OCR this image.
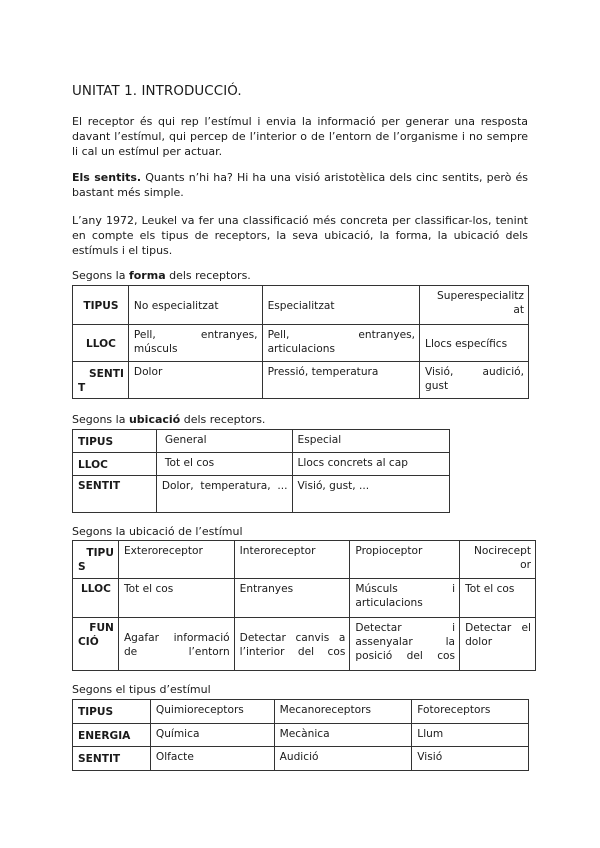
UNITAT 1. INTRODUCCIÓ.

El receptor és qui rep l’estímul i envia la informació per generar una resposta davant l’estímul, qui percep de l’interior o de l’entorn de l’organisme i no sempre li cal un estímul per actuar.

Els sentits. Quants n’hi ha? Hi ha una visió aristotèlica dels cinc sentits, però és bastant més simple.

L’any 1972, Leukel va fer una classificació més concreta per classificar-los, tenint en compte els tipus de receptors, la seva ubicació, la forma, la ubicació dels estímuls i el tipus.

Segons la forma dels receptors.
TIPUS	No especialitzat	Especialitzat	Superespecialitz at

LLOC	Pell, entranyes, músculs	Pell, entranyes, articulacions	Llocs específics

SENTI
T	Dolor	Pressió, temperatura	Visió, audició, gust
Segons la ubicació dels receptors.
TIPUS	General	Especial
LLOC	Tot el cos	Llocs concrets al cap
SENTIT	Dolor, temperatura, ...	Visió, gust, ...
Segons la ubicació de l’estímul
TIPU
S	Exteroreceptor	Interoreceptor	Propioceptor	Nocirecept or

LLOC	Tot el cos	Entranyes	Músculs i articulacions	Tot el cos

FUN
CIÓ	Agafar informació de l’entorn	Detectar canvis a l’interior del cos	Detectar i assenyalar la posició del cos	Detectar el dolor
Segons el tipus d’estímul
TIPUS	Quimioreceptors	Mecanoreceptors	Fotoreceptors
ENERGIA	Química	Mecànica	Llum
SENTIT	Olfacte	Audició	Visió
